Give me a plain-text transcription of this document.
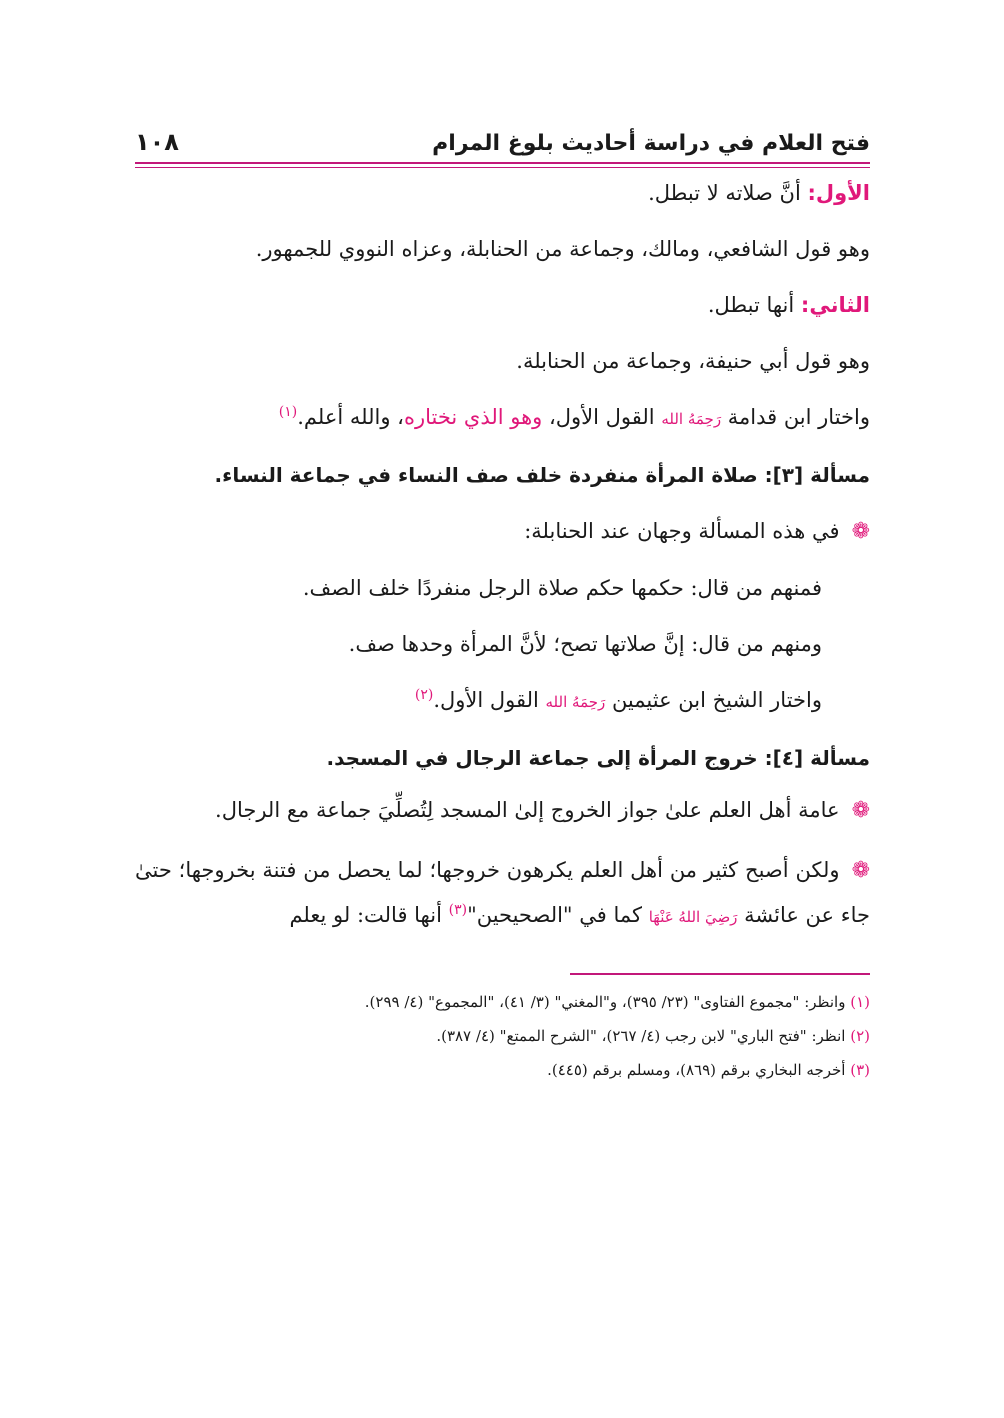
فتح العلام في دراسة أحاديث بلوغ المرام
١٠٨

الأول: أنَّ صلاته لا تبطل.

وهو قول الشافعي، ومالك، وجماعة من الحنابلة، وعزاه النووي للجمهور.

الثاني: أنها تبطل.

وهو قول أبي حنيفة، وجماعة من الحنابلة.

واختار ابن قدامة رَحِمَهُ الله القول الأول، وهو الذي نختاره، والله أعلم.$^{(١)}$

مسألة [٣]: صلاة المرأة منفردة خلف صف النساء في جماعة النساء.

❁في هذه المسألة وجهان عند الحنابلة:

فمنهم من قال: حكمها حكم صلاة الرجل منفردًا خلف الصف.

ومنهم من قال: إنَّ صلاتها تصح؛ لأنَّ المرأة وحدها صف.

واختار الشيخ ابن عثيمين رَحِمَهُ الله القول الأول.$^{(٢)}$

مسألة [٤]: خروج المرأة إلى جماعة الرجال في المسجد.

❁عامة أهل العلم علىٰ جواز الخروج إلىٰ المسجد لِتُصلِّيَ جماعة مع الرجال.

❁ولكن أصبح كثير من أهل العلم يكرهون خروجها؛ لما يحصل من فتنة بخروجها؛ حتىٰ جاء عن عائشة رَضِيَ اللهُ عَنْهَا كما في "الصحيحين"$^{(٣)}$ أنها قالت: لو يعلم

(١) وانظر: "مجموع الفتاوى" (٢٣/ ٣٩٥)، و"المغني" (٣/ ٤١)، "المجموع" (٤/ ٢٩٩).

(٢) انظر: "فتح الباري" لابن رجب (٤/ ٢٦٧)، "الشرح الممتع" (٤/ ٣٨٧).

(٣) أخرجه البخاري برقم (٨٦٩)، ومسلم برقم (٤٤٥).
